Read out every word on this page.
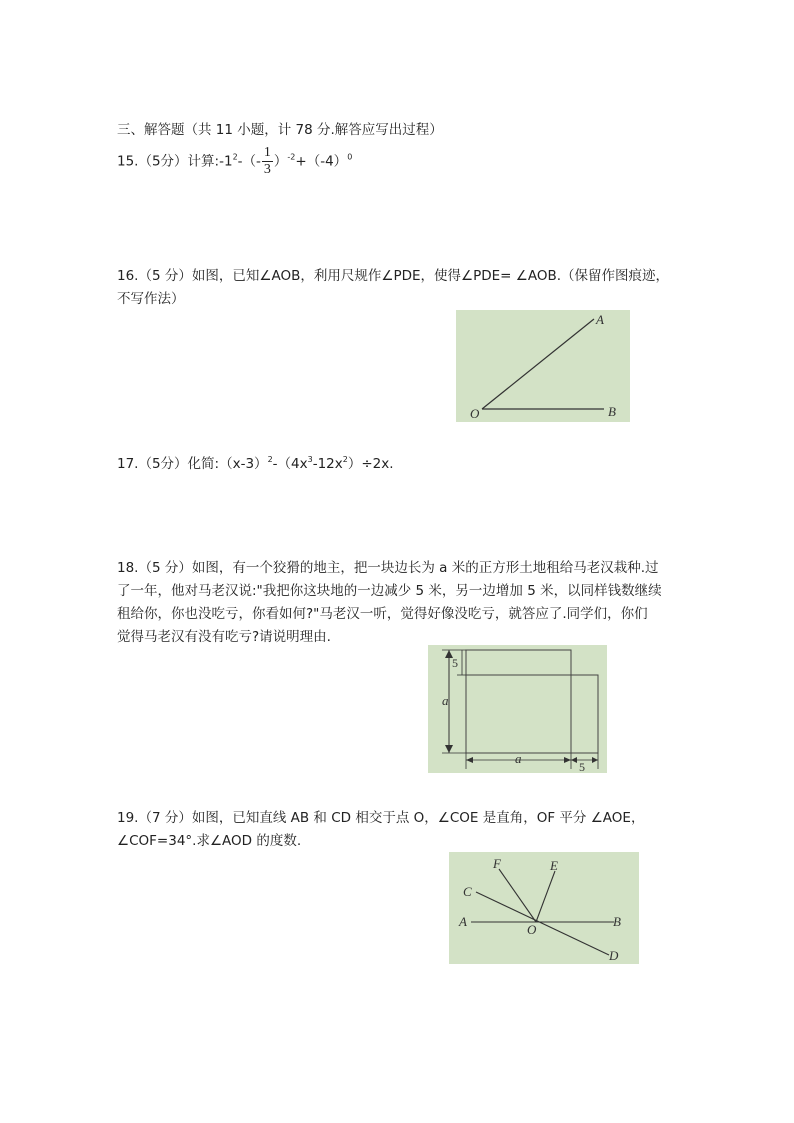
三、解答题（共 11 小题，计 78 分.解答应写出过程）
15.（5分）计算$:-1^2-(- \frac{1}{3} )^{-2}+(-4)^0$
16.（5 分）如图，已知∠AOB，利用尺规作∠PDE，使得∠PDE= ∠AOB.（保留作图痕迹，
不写作法）
A
O	B
17.（5分）化简$:(x-3)^2-(4x^3-12x^2)\div 2x$.
18.（5 分）如图，有一个狡猾的地主，把一块边长为 a 米的正方形土地租给马老汉栽种.过
了一年，他对马老汉说:"我把你这块地的一边减少 5 米，另一边增加 5 米，以同样钱数继续
租给你，你也没吃亏，你看如何?"马老汉一听，觉得好像没吃亏，就答应了.同学们，你们
觉得马老汉有没有吃亏?请说明理由.
5
a
a
5
19.（7 分）如图，已知直线 AB 和 CD 相交于点 O，∠COE 是直角，OF 平分 ∠AOE，
∠COF=34°.求∠AOD 的度数.
F	E
C
A
O
B
D
